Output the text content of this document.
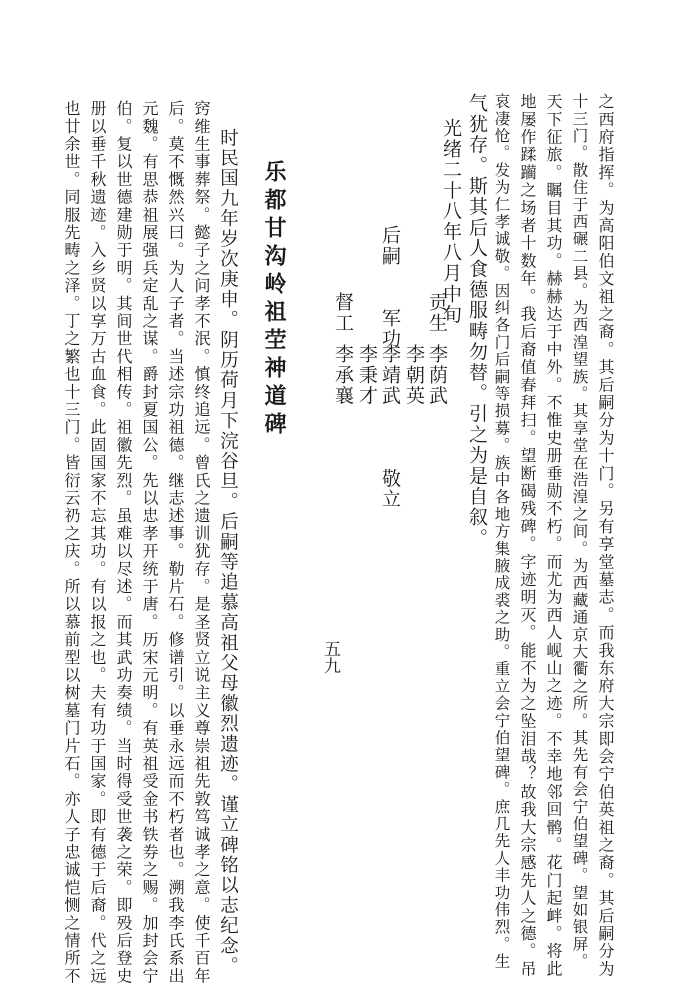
之西府指挥。为高阳伯文祖之裔。其后嗣分为十门。另有享堂墓志。而我东府大宗即会宁伯英祖之裔。其后嗣分为
十三门。散住于西碾二县。为西湟望族。其享堂在浩湟之间。为西藏通京大衢之所。其先有会宁伯望碑。望如银屏。
天下征旅。瞩目其功。赫赫达于中外。不惟史册垂勋不朽。而尤为西人岘山之迹。不幸地邻回鹘。花门起衅。将此
地屡作蹂躏之场者十数年。我后裔值春拜扫。望断碣残碑。字迹明灭。能不为之坠泪哉？故我大宗感先人之德。吊
哀凄怆。发为仁孝诚敬。因纠各门后嗣等损募。族中各地方集腋成裘之助。重立会宁伯望碑。庶几先人丰功伟烈。生
气犹存。斯其后人食德服畴勿替。引之为是自叙。
光绪二十八年八月中旬
贡生
李荫武
李朝英
后嗣　　军功
李靖武　　　敬立
李秉才
督工
李承襄
乐都甘沟岭祖茔神道碑
时民国九年岁次庚申。阴历荷月下浣谷旦。后嗣等追慕高祖父母徽烈遗迹。谨立碑铭以志纪念。
窍维生事葬祭。懿子之问孝不泯。慎终追远。曾氏之遗训犹存。是圣贤立说主义尊崇祖先敦笃诚孝之意。使千百年
后。莫不慨然兴曰。为人子者。当述宗功祖德。继志述事。勒片石。修谱引。以垂永远而不朽者也。溯我李氏系出
元魏。有思恭祖展强兵定乱之谋。爵封夏国公。先以忠孝开统于唐。历宋元明。有英祖受金书铁券之赐。加封会宁
伯。复以世德建勋于明。其间世代相传。祖徽先烈。虽难以尽述。而其武功奏绩。当时得受世袭之荣。即殁后登史
册以垂千秋遗迹。入乡贤以享万古血食。此固国家不忘其功。有以报之也。夫有功于国家。即有德于后裔。代之远
也廿余世。同服先畴之泽。丁之繁也十三门。皆衍云礽之庆。所以慕前型以树墓门片石。亦人子忠诚恺恻之情所不	五九
